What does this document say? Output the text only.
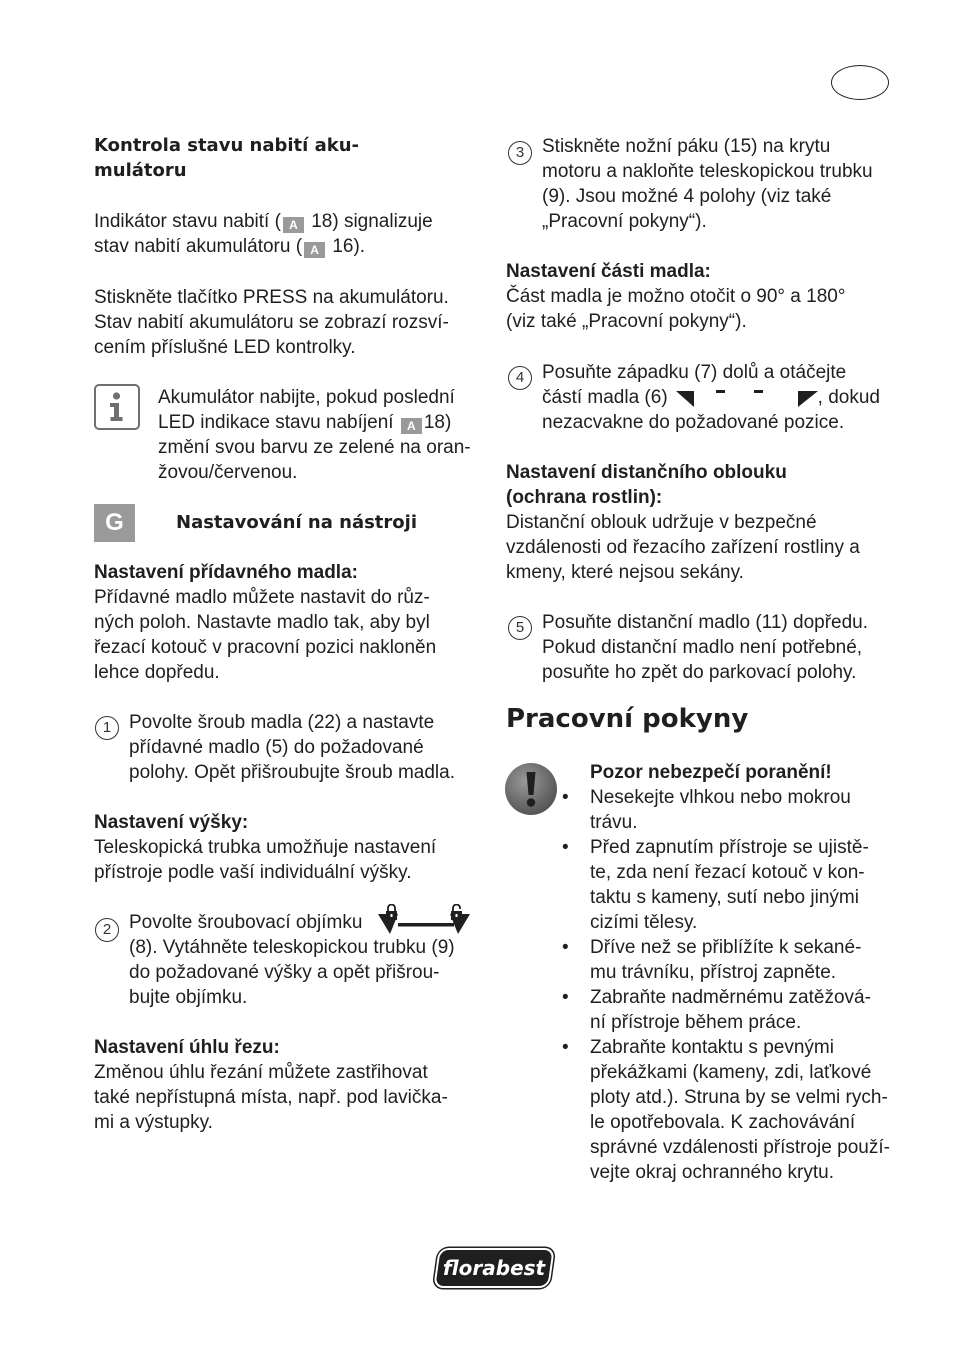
Kontrola stavu nabití aku-
mulátoru
Indikátor stavu nabití ( A 18) signalizuje
stav nabití akumulátoru ( A 16).
Stiskněte tlačítko PRESS na akumulátoru.
Stav nabití akumulátoru se zobrazí rozsví-
cením příslušné LED kontrolky.
Akumulátor nabijte, pokud poslední
LED indikace stavu nabíjení A 18)
změní svou barvu ze zelené na oran-
žovou/červenou.
G	Nastavování na nástroji
Nastavení přídavného madla:
Přídavné madlo můžete nastavit do růz-
ných poloh. Nastavte madlo tak, aby byl
řezací kotouč v pracovní pozici nakloněn
lehce dopředu.
1 Povolte šroub madla (22) a nastavte
přídavné madlo (5) do požadované
polohy. Opět přišroubujte šroub madla.
Nastavení výšky:
Teleskopická trubka umožňuje nastavení
přístroje podle vaší individuální výšky.
2 Povolte šroubovací objímku
(8). Vytáhněte teleskopickou trubku (9)
do požadované výšky a opět přišrou-
bujte objímku.
Nastavení úhlu řezu:
Změnou úhlu řezání můžete zastřihovat
také nepřístupná místa, např. pod lavička-
mi a výstupky.
3 Stiskněte nožní páku (15) na krytu
motoru a nakloňte teleskopickou trubku
(9). Jsou možné 4 polohy (viz také
„Pracovní pokyny“).
Nastavení části madla:
Část madla je možno otočit o 90° a 180°
(viz také „Pracovní pokyny“).
4 Posuňte západku (7) dolů a otáčejte
částí madla (6)	, dokud
nezacvakne do požadované pozice.
Nastavení distančního oblouku
(ochrana rostlin):
Distanční oblouk udržuje v bezpečné
vzdálenosti od řezacího zařízení rostliny a
kmeny, které nejsou sekány.
5 Posuňte distanční madlo (11) dopředu.
Pokud distanční madlo není potřebné,
posuňte ho zpět do parkovací polohy.
Pracovní pokyny
Pozor nebezpečí poranění!
• Nesekejte vlhkou nebo mokrou
trávu.
• Před zapnutím přístroje se ujistě-
te, zda není řezací kotouč v kon-
taktu s kameny, sutí nebo jinými
cizími tělesy.
• Dříve než se přiblížíte k sekané-
mu trávníku, přístroj zapněte.
• Zabraňte nadměrnému zatěžová-
ní přístroje během práce.
• Zabraňte kontaktu s pevnými
překážkami (kameny, zdi, laťkové
ploty atd.). Struna by se velmi rych-
le opotřebovala. K zachovávání
správné vzdálenosti přístroje použí-
vejte okraj ochranného krytu.
florabest
